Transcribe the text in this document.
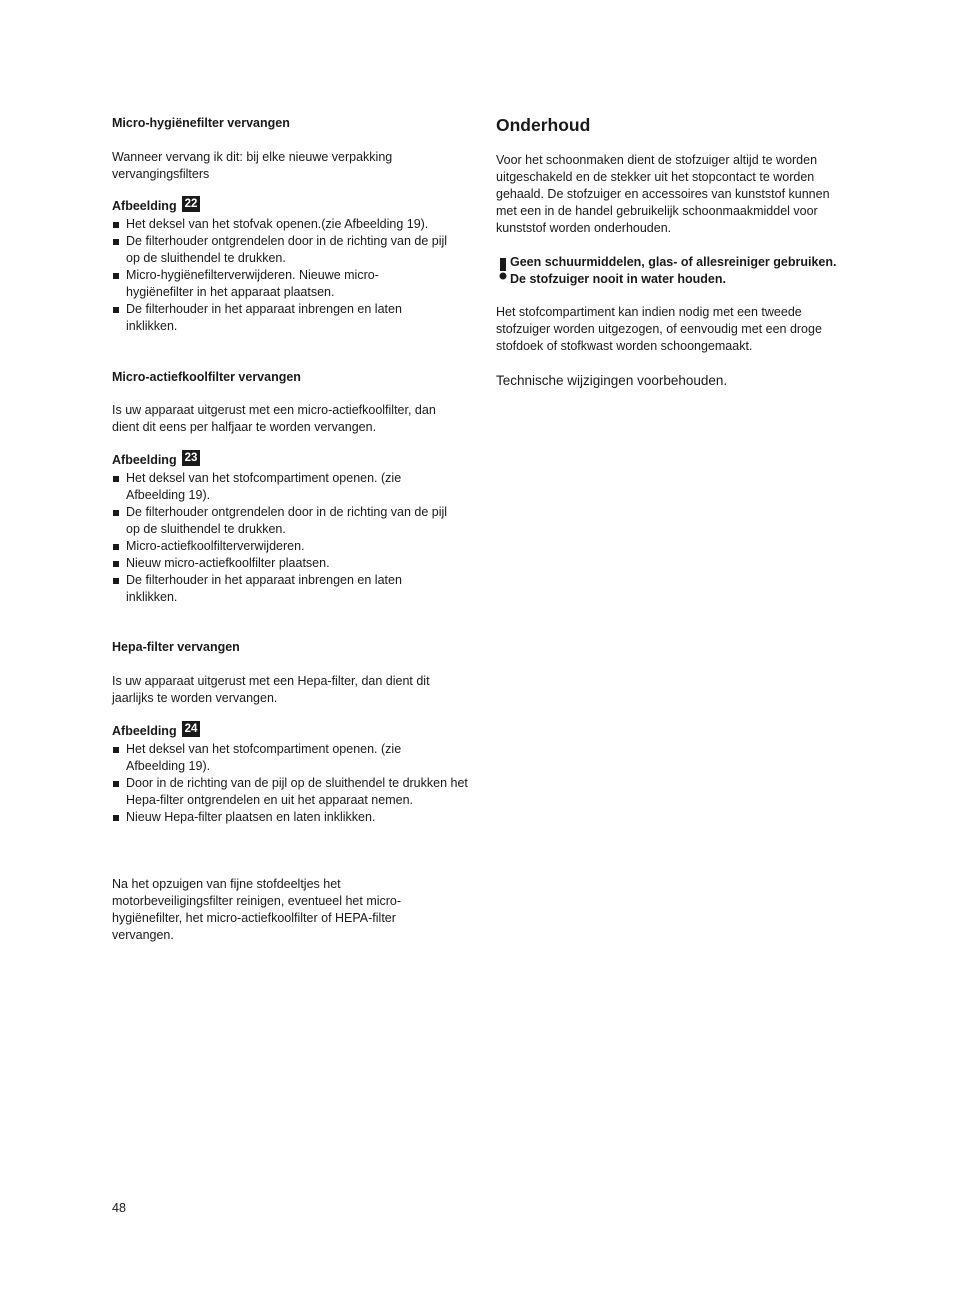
Micro-hygiënefilter vervangen

Wanneer vervang ik dit: bij elke nieuwe verpakking vervangingsfilters

Afbeelding 22
Het deksel van het stofvak openen.(zie Afbeelding 19).
De filterhouder ontgrendelen door in de richting van de pijl op de sluithendel te drukken.
Micro-hygiënefilterverwijderen. Nieuwe micro-hygiënefilter in het apparaat plaatsen.
De filterhouder in het apparaat inbrengen en laten inklikken.
Micro-actiefkoolfilter vervangen

Is uw apparaat uitgerust met een micro-actiefkoolfilter, dan dient dit eens per halfjaar te worden vervangen.

Afbeelding 23
Het deksel van het stofcompartiment openen. (zie Afbeelding 19).
De filterhouder ontgrendelen door in de richting van de pijl op de sluithendel te drukken.
Micro-actiefkoolfilterverwijderen.
Nieuw micro-actiefkoolfilter plaatsen.
De filterhouder in het apparaat inbrengen en laten inklikken.
Hepa-filter vervangen

Is uw apparaat uitgerust met een Hepa-filter, dan dient dit jaarlijks te worden vervangen.

Afbeelding 24
Het deksel van het stofcompartiment openen. (zie Afbeelding 19).
Door in de richting van de pijl op de sluithendel te drukken het Hepa-filter ontgrendelen en uit het apparaat nemen.
Nieuw Hepa-filter plaatsen en laten inklikken.

Na het opzuigen van fijne stofdeeltjes het motorbeveiligingsfilter reinigen, eventueel het micro-hygiënefilter, het micro-actiefkoolfilter of HEPA-filter vervangen.

Onderhoud

Voor het schoonmaken dient de stofzuiger altijd te worden uitgeschakeld en de stekker uit het stopcontact te worden gehaald. De stofzuiger en accessoires van kunststof kunnen met een in de handel gebruikelijk schoonmaakmiddel voor kunststof worden onderhouden.

Geen schuurmiddelen, glas- of allesreiniger gebruiken. De stofzuiger nooit in water houden.

Het stofcompartiment kan indien nodig met een tweede stofzuiger worden uitgezogen, of eenvoudig met een droge stofdoek of stofkwast worden schoongemaakt.

Technische wijzigingen voorbehouden.

48
